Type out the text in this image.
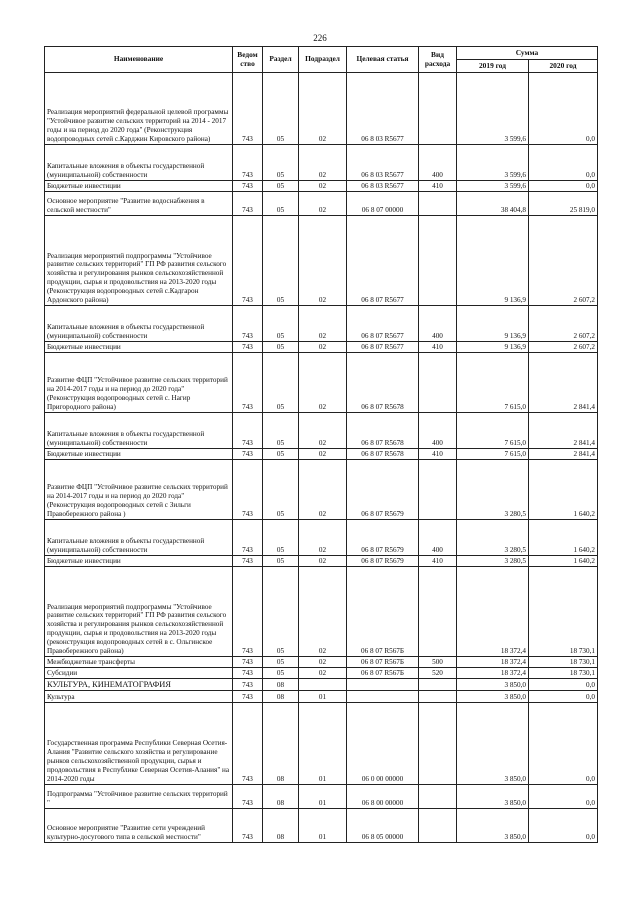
226
Наименование	Ведом ство	Раздел	Подраздел	Целевая статья	Вид расхода	Сумма	
						2019 год	2020 год
Реализация мероприятий федеральной целевой программы "Устойчивое развитие сельских территорий на 2014 - 2017 годы и на период до 2020 года" (Реконструкция водопроводных сетей с.Карджин Кировского района)	743	05	02	06 8 03 R5677		3 599,6	0,0
Капитальные вложения в объекты государственной (муниципальной) собственности	743	05	02	06 8 03 R5677	400	3 599,6	0,0
Бюджетные инвестиции	743	05	02	06 8 03 R5677	410	3 599,6	0,0
Основное мероприятие "Развитие водоснабжения в сельской местности"	743	05	02	06 8 07 00000		38 404,8	25 819,0
Реализация мероприятий подпрограммы "Устойчивое развитие сельских территорий" ГП РФ развития сельского хозяйства и регулирования рынков сельскохозяйственной продукции, сырья и продовольствия на 2013-2020 годы (Реконструкция водопроводных сетей с.Кадгарон Ардонского района)	743	05	02	06 8 07 R5677		9 136,9	2 607,2
Капитальные вложения в объекты государственной (муниципальной) собственности	743	05	02	06 8 07 R5677	400	9 136,9	2 607,2
Бюджетные инвестиции	743	05	02	06 8 07 R5677	410	9 136,9	2 607,2
Развитие ФЦП "Устойчивое развитие сельских территорий на 2014-2017 годы и на период до 2020 года" (Реконструкция водопроводных сетей с. Нагир Пригородного района)	743	05	02	06 8 07 R5678		7 615,0	2 841,4
Капитальные вложения в объекты государственной (муниципальной) собственности	743	05	02	06 8 07 R5678	400	7 615,0	2 841,4
Бюджетные инвестиции	743	05	02	06 8 07 R5678	410	7 615,0	2 841,4
Развитие ФЦП "Устойчивое развитие сельских территорий на 2014-2017 годы и на период до 2020 года" (Реконструкция водопроводных сетей с Зильги Правобережного района )	743	05	02	06 8 07 R5679		3 280,5	1 640,2
Капитальные вложения в объекты государственной (муниципальной) собственности	743	05	02	06 8 07 R5679	400	3 280,5	1 640,2
Бюджетные инвестиции	743	05	02	06 8 07 R5679	410	3 280,5	1 640,2
Реализация мероприятий подпрограммы "Устойчивое развитие сельских территорий" ГП РФ развития сельского хозяйства и регулирования рынков сельскохозяйственной продукции, сырья и продовольствия на 2013-2020 годы (реконструкция водопроводных сетей в с. Ольгинское Правобережного района)	743	05	02	06 8 07 R567Б		18 372,4	18 730,1
Межбюджетные трансферты	743	05	02	06 8 07 R567Б	500	18 372,4	18 730,1
Субсидии	743	05	02	06 8 07 R567Б	520	18 372,4	18 730,1
КУЛЬТУРА, КИНЕМАТОГРАФИЯ	743	08				3 850,0	0,0
Культура	743	08	01			3 850,0	0,0
Государственная программа Республики Северная Осетия-Алания "Развитие сельского хозяйства и регулирование рынков сельскохозяйственной продукции, сырья и продовольствия в Республике Северная Осетия-Алания" на 2014-2020 годы	743	08	01	06 0 00 00000		3 850,0	0,0
Подпрограмма "Устойчивое развитие сельских территорий "	743	08	01	06 8 00 00000		3 850,0	0,0
Основное мероприятие "Развитие сети учреждений культурно-досугового типа в сельской местности"	743	08	01	06 8 05 00000		3 850,0	0,0
